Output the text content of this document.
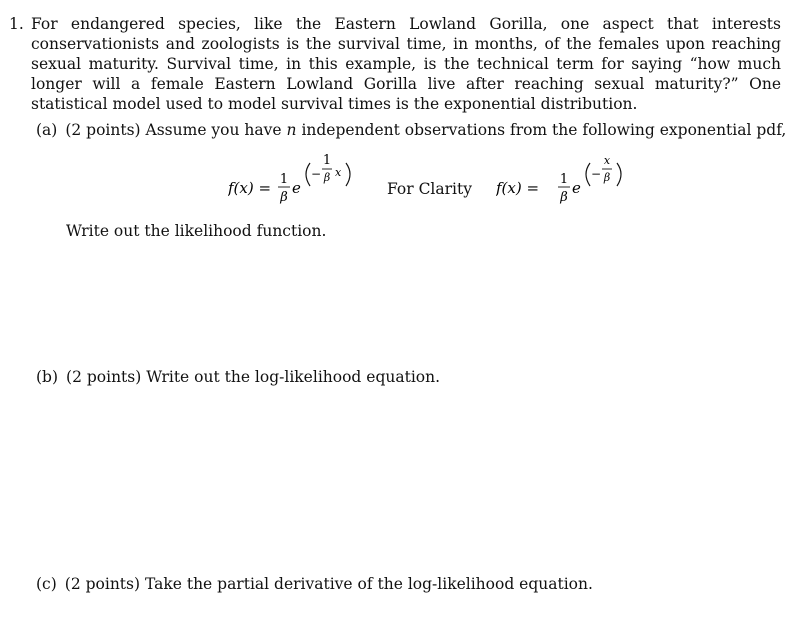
1. For endangered species, like the Eastern Lowland Gorilla, one aspect that interests conservationists and zoologists is the survival time, in months, of the females upon reaching sexual maturity. Survival time, in this example, is the technical term for saying “how much longer will a female Eastern Lowland Gorilla live after reaching sexual maturity?” One statistical model used to model survival times is the exponential distribution.
(a) (2 points) Assume you have n independent observations from the following exponential pdf,
f(x) = 1
β
e
−
1
β x
For Clarity f(x) = 1
β
e
−
x
β
Write out the likelihood function.
(b) (2 points) Write out the log-likelihood equation.
(c) (2 points) Take the partial derivative of the log-likelihood equation.
